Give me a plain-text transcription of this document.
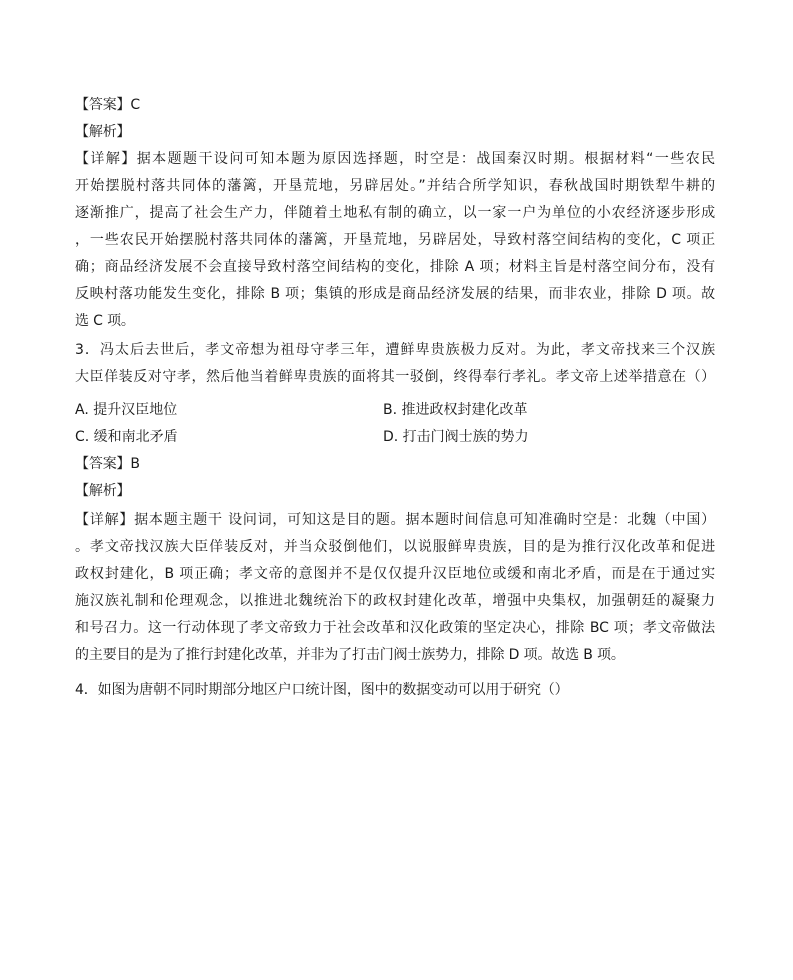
【答案】C
【解析】
【详解】据本题题干设问可知本题为原因选择题，时空是：战国秦汉时期。根据材料“一些农民
开始摆脱村落共同体的藩篱，开垦荒地，另辟居处。”并结合所学知识，春秋战国时期铁犁牛耕的
逐渐推广，提高了社会生产力，伴随着土地私有制的确立，以一家一户为单位的小农经济逐步形成
，一些农民开始摆脱村落共同体的藩篱，开垦荒地，另辟居处，导致村落空间结构的变化，C 项正
确；商品经济发展不会直接导致村落空间结构的变化，排除 A 项；材料主旨是村落空间分布，没有
反映村落功能发生变化，排除 B 项；集镇的形成是商品经济发展的结果，而非农业，排除 D 项。故
选 C 项。
3．冯太后去世后，孝文帝想为祖母守孝三年，遭鲜卑贵族极力反对。为此，孝文帝找来三个汉族
大臣佯装反对守孝，然后他当着鲜卑贵族的面将其一驳倒，终得奉行孝礼。孝文帝上述举措意在（）
A. 提升汉臣地位	B. 推进政权封建化改革
C. 缓和南北矛盾	D. 打击门阀士族的势力
【答案】B
【解析】
【详解】据本题主题干 设问词，可知这是目的题。据本题时间信息可知准确时空是：北魏（中国）
。孝文帝找汉族大臣佯装反对，并当众驳倒他们，以说服鲜卑贵族，目的是为推行汉化改革和促进
政权封建化，B 项正确；孝文帝的意图并不是仅仅提升汉臣地位或缓和南北矛盾，而是在于通过实
施汉族礼制和伦理观念，以推进北魏统治下的政权封建化改革，增强中央集权，加强朝廷的凝聚力
和号召力。这一行动体现了孝文帝致力于社会改革和汉化政策的坚定决心，排除 BC 项；孝文帝做法
的主要目的是为了推行封建化改革，并非为了打击门阀士族势力，排除 D 项。故选 B 项。
4．如图为唐朝不同时期部分地区户口统计图，图中的数据变动可以用于研究（）
